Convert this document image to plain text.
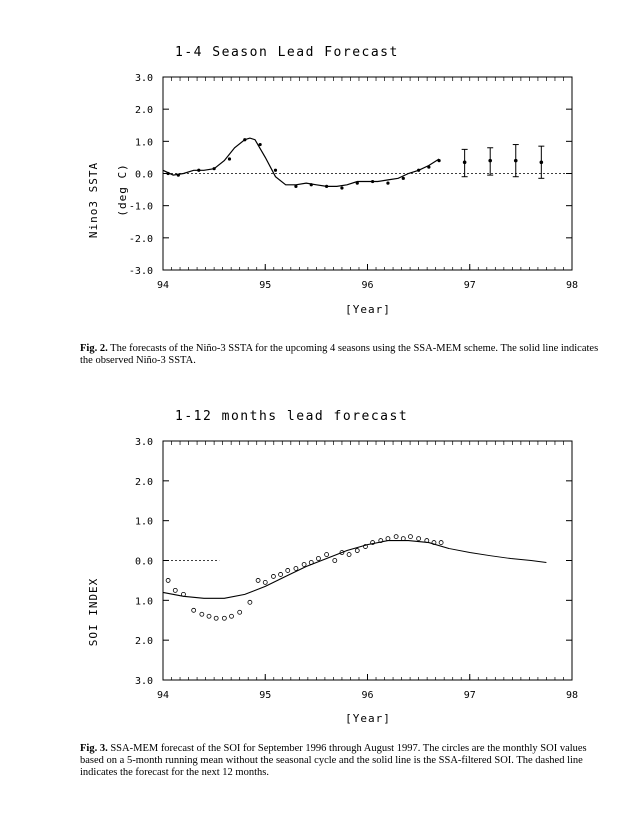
1-4 Season Lead Forecast
Nino3 SSTA (deg C)
[Year]
3.0
2.0
1.0
0.0
-1.0
-2.0
-3.0
94	95	96	97	98
Fig. 2. The forecasts of the Niño-3 SSTA for the upcoming 4 seasons using the SSA-MEM scheme. The solid line indicates the observed Niño-3 SSTA.
1-12 months lead forecast
SOI INDEX
[Year]
3.0
2.0
1.0
0.0
1.0
2.0
3.0
94	95	96	97	98
Fig. 3. SSA-MEM forecast of the SOI for September 1996 through August 1997. The circles are the monthly SOI values based on a 5-month running mean without the seasonal cycle and the solid line is the SSA-filtered SOI. The dashed line indicates the forecast for the next 12 months.
